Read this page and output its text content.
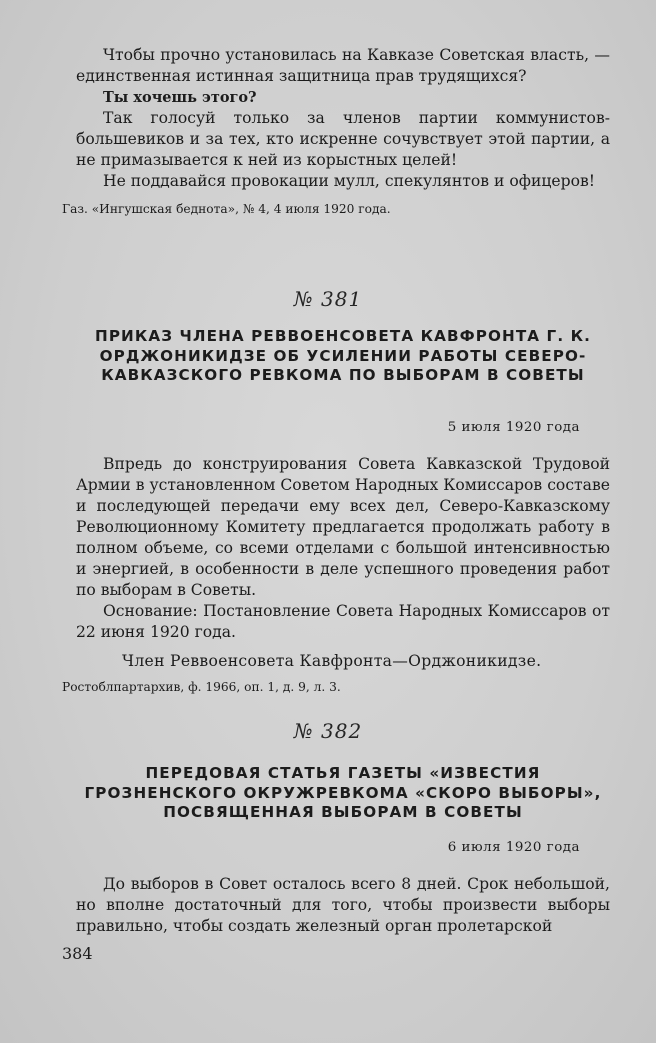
Чтобы прочно установилась на Кавказе Советская власть, — единственная истинная защитница прав трудящихся?

Ты хочешь этого?

Так голосуй только за членов партии коммунистов-большевиков и за тех, кто искренне сочувствует этой партии, а не примазывается к ней из корыстных целей!

Не поддавайся провокации мулл, спекулянтов и офицеров!

Газ. «Ингушская беднота», № 4, 4 июля 1920 года.

№ 381

ПРИКАЗ ЧЛЕНА РЕВВОЕНСОВЕТА КАВФРОНТА Г. К. ОРДЖОНИКИДЗЕ ОБ УСИЛЕНИИ РАБОТЫ СЕВЕРО-КАВКАЗСКОГО РЕВКОМА ПО ВЫБОРАМ В СОВЕТЫ

5 июля 1920 года

Впредь до конструирования Совета Кавказской Трудовой Армии в установленном Советом Народных Комиссаров составе и последующей передачи ему всех дел, Северо-Кавказскому Революционному Комитету предлагается продолжать работу в полном объеме, со всеми отделами с большой интенсивностью и энергией, в особенности в деле успешного проведения работ по выборам в Советы.

Основание: Постановление Совета Народных Комиссаров от 22 июня 1920 года.

Член Реввоенсовета Кавфронта—Орджоникидзе.

Ростоблпартархив, ф. 1966, оп. 1, д. 9, л. 3.

№ 382

ПЕРЕДОВАЯ СТАТЬЯ ГАЗЕТЫ «ИЗВЕСТИЯ ГРОЗНЕНСКОГО ОКРУЖРЕВКОМА «СКОРО ВЫБОРЫ», ПОСВЯЩЕННАЯ ВЫБОРАМ В СОВЕТЫ

6 июля 1920 года

До выборов в Совет осталось всего 8 дней. Срок небольшой, но вполне достаточный для того, чтобы произвести выборы правильно, чтобы создать железный орган пролетарской

384
